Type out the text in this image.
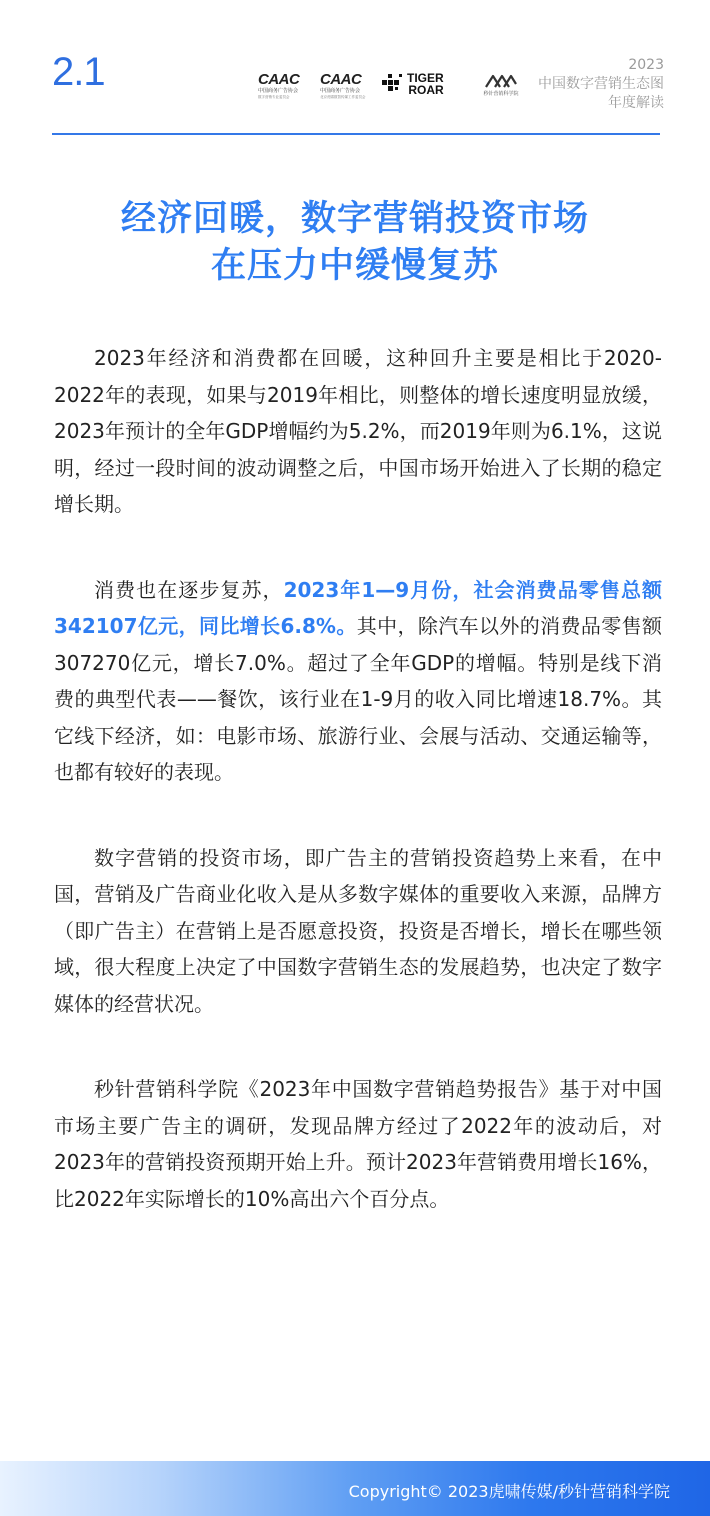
2.1	CAAC
中国商务广告协会
数字营销专业委员会
CAAC
中国商务广告协会
北京虎啸数智传媒工作委员会
TIGER
ROAR	秒针营销科学院
2023
中国数字营销生态图
年度解读
经济回暖，数字营销投资市场
在压力中缓慢复苏

2023年经济和消费都在回暖，这种回升主要是相比于2020-2022年的表现，如果与2019年相比，则整体的增长速度明显放缓，2023年预计的全年GDP增幅约为5.2%，而2019年则为6.1%，这说明，经过一段时间的波动调整之后，中国市场开始进入了长期的稳定增长期。

消费也在逐步复苏，2023年1—9月份，社会消费品零售总额342107亿元，同比增长6.8%。其中，除汽车以外的消费品零售额307270亿元，增长7.0%。超过了全年GDP的增幅。特别是线下消费的典型代表——餐饮，该行业在1-9月的收入同比增速18.7%。其它线下经济，如：电影市场、旅游行业、会展与活动、交通运输等，也都有较好的表现。

数字营销的投资市场，即广告主的营销投资趋势上来看，在中国，营销及广告商业化收入是从多数字媒体的重要收入来源，品牌方（即广告主）在营销上是否愿意投资，投资是否增长，增长在哪些领域，很大程度上决定了中国数字营销生态的发展趋势，也决定了数字媒体的经营状况。

秒针营销科学院《2023年中国数字营销趋势报告》基于对中国市场主要广告主的调研，发现品牌方经过了2022年的波动后，对2023年的营销投资预期开始上升。预计2023年营销费用增长16%，比2022年实际增长的10%高出六个百分点。

Copyright© 2023虎啸传媒/秒针营销科学院
